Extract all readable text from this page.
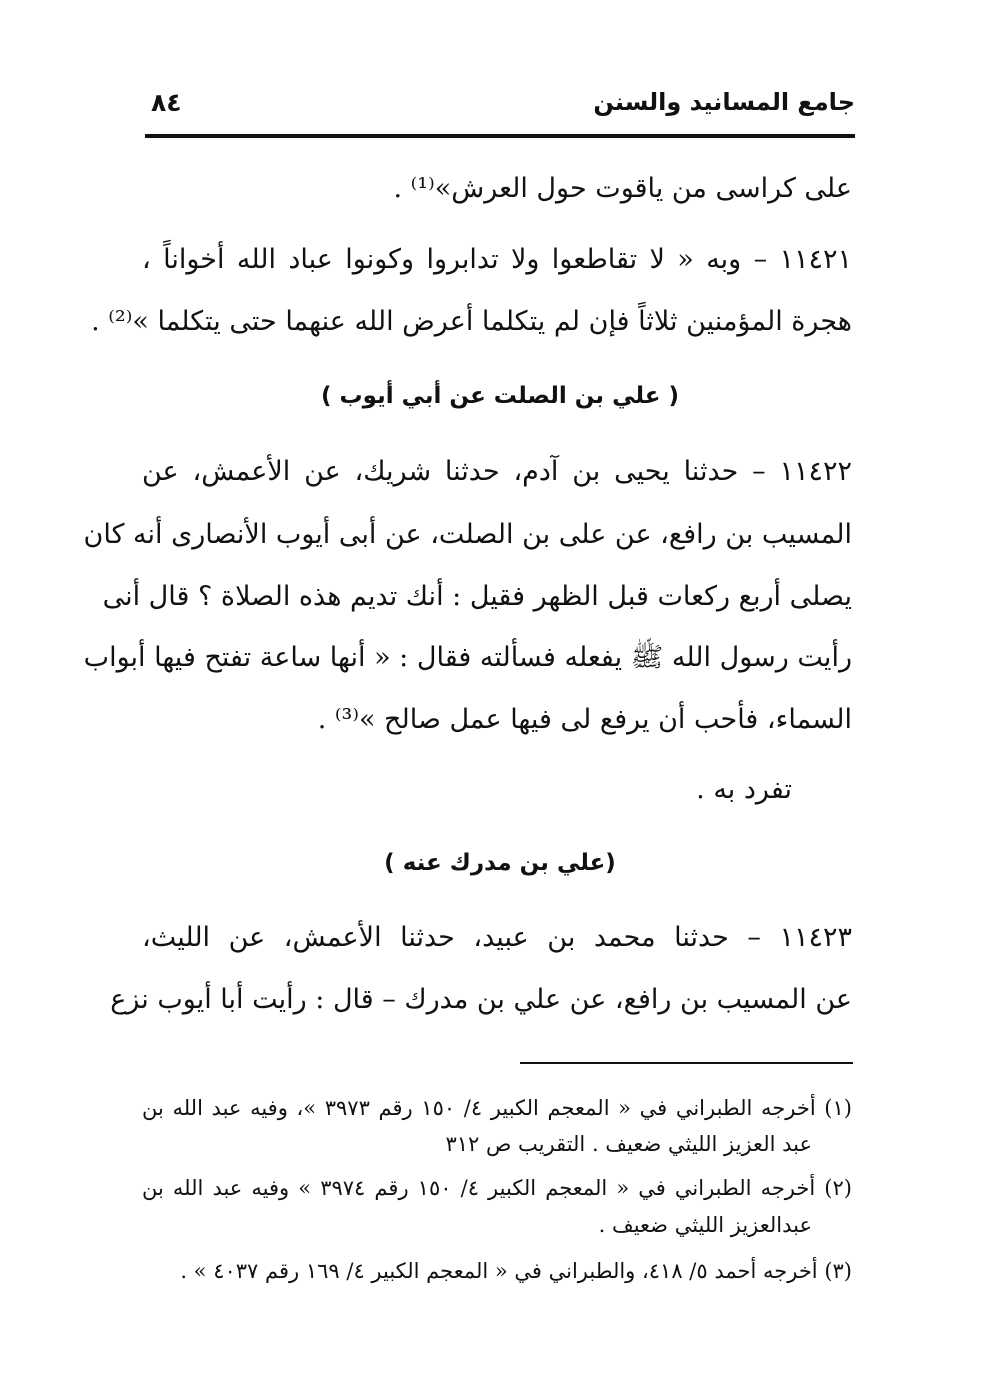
جامع المسانيد والسنن
٨٤
على كراسى من ياقوت حول العرش»⁽¹⁾ .
١١٤٢١ – وبه « لا تقاطعوا ولا تدابروا وكونوا عباد الله أخواناً ،
هجرة المؤمنين ثلاثاً فإن لم يتكلما أعرض الله عنهما حتى يتكلما »⁽²⁾ .
( علي بن الصلت عن أبي أيوب )
١١٤٢٢ – حدثنا يحيى بن آدم، حدثنا شريك، عن الأعمش، عن
المسيب بن رافع، عن على بن الصلت، عن أبى أيوب الأنصارى أنه كان
يصلى أربع ركعات قبل الظهر فقيل : أنك تديم هذه الصلاة ؟ قال أنى
رأيت رسول الله ﷺ يفعله فسألته فقال : « أنها ساعة تفتح فيها أبواب
السماء، فأحب أن يرفع لى فيها عمل صالح »⁽³⁾ .
تفرد به .
(علي بن مدرك عنه )
١١٤٢٣ – حدثنا محمد بن عبيد، حدثنا الأعمش، عن الليث،
عن المسيب بن رافع، عن علي بن مدرك – قال : رأيت أبا أيوب نزع
(١) أخرجه الطبراني في « المعجم الكبير ٤/ ١٥٠ رقم ٣٩٧٣ »، وفيه عبد الله بن
عبد العزيز الليثي ضعيف . التقريب ص ٣١٢
(٢) أخرجه الطبراني في « المعجم الكبير ٤/ ١٥٠ رقم ٣٩٧٤ » وفيه عبد الله بن
عبدالعزيز الليثي ضعيف .
(٣) أخرجه أحمد ٥/ ٤١٨، والطبراني في « المعجم الكبير ٤/ ١٦٩ رقم ٤٠٣٧ » .
